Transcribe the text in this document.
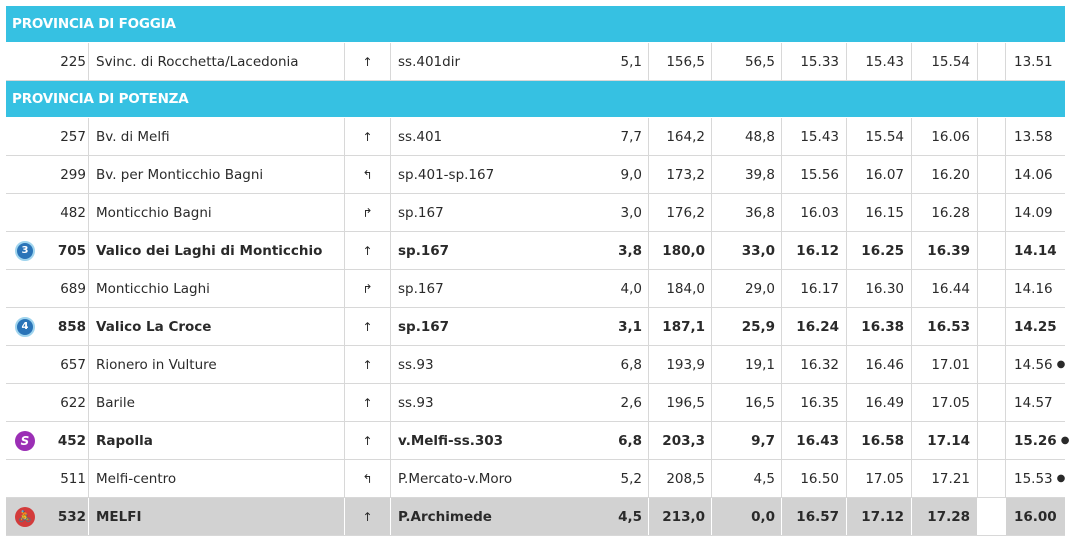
PROVINCIA DI FOGGIA
225 Svinc. di Rocchetta/Lacedonia	↑	ss.401dir	5,1	156,5	56,5	15.33	15.43	15.54	13.51
PROVINCIA DI POTENZA
257 Bv. di Melfi	↑	ss.401	7,7	164,2	48,8	15.43	15.54	16.06	13.58
299 Bv. per Monticchio Bagni	↰	sp.401-sp.167	9,0	173,2	39,8	15.56	16.07	16.20	14.06
482 Monticchio Bagni	↱	sp.167	3,0	176,2	36,8	16.03	16.15	16.28	14.09
3	705 Valico dei Laghi di Monticchio	↑	sp.167	3,8	180,0	33,0	16.12	16.25	16.39	14.14
689 Monticchio Laghi	↱	sp.167	4,0	184,0	29,0	16.17	16.30	16.44	14.16
4	858 Valico La Croce	↑	sp.167	3,1	187,1	25,9	16.24	16.38	16.53	14.25
657 Rionero in Vulture	↑	ss.93	6,8	193,9	19,1	16.32	16.46	17.01	14.56 ●
622 Barile	↑	ss.93	2,6	196,5	16,5	16.35	16.49	17.05	14.57
S	452 Rapolla	↑	v.Melfi-ss.303	6,8	203,3	9,7	16.43	16.58	17.14	15.26 ●
511 Melfi-centro	↰	P.Mercato-v.Moro	5,2	208,5	4,5	16.50	17.05	17.21	15.53 ●
🚴	532 MELFI	↑	P.Archimede	4,5	213,0	0,0	16.57	17.12	17.28	16.00
